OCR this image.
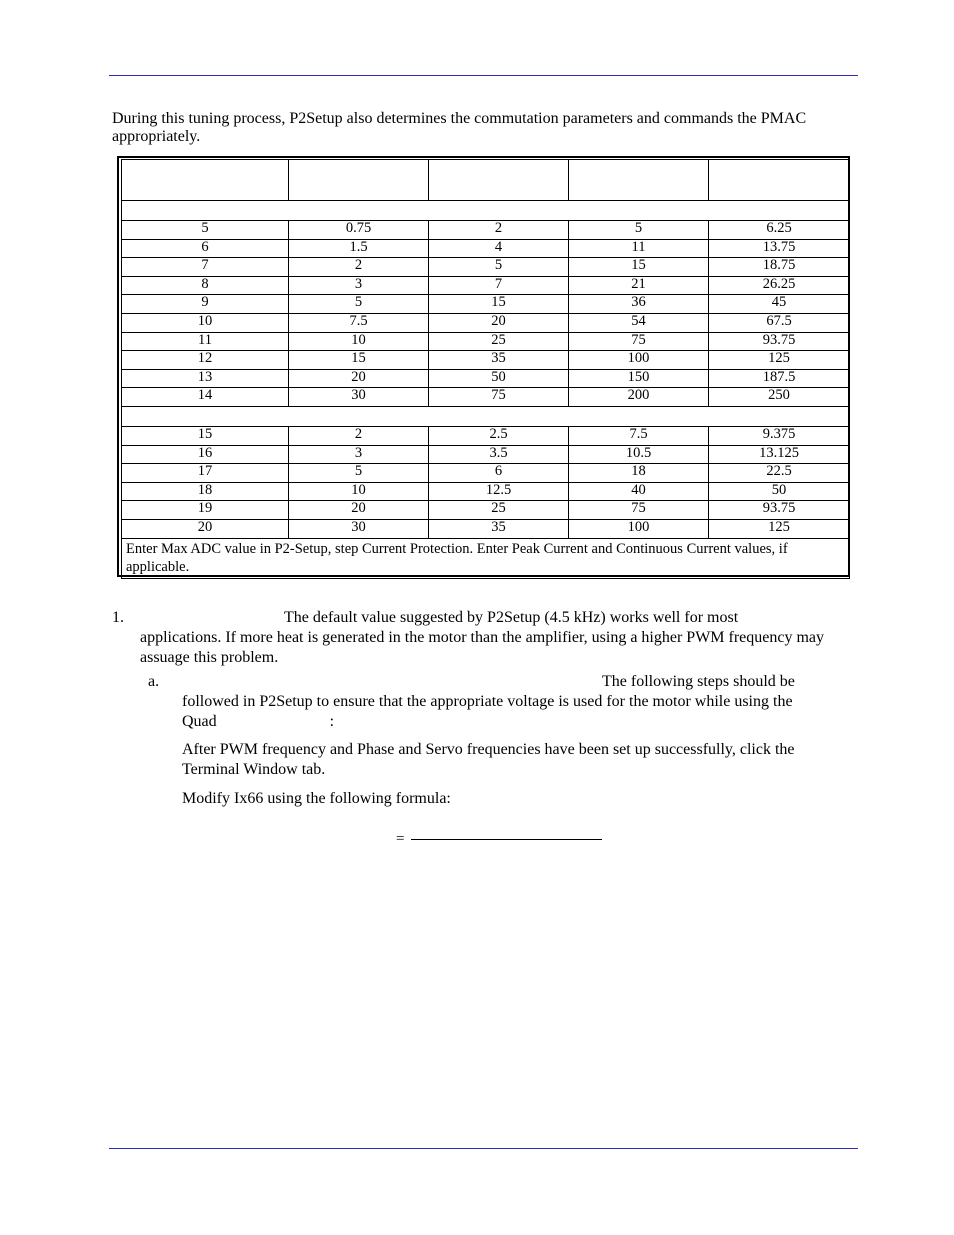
During this tuning process, P2Setup also determines the commutation parameters and commands the PMAC appropriately.

5	0.75	2	5	6.25
6	1.5	4	11	13.75
7	2	5	15	18.75
8	3	7	21	26.25
9	5	15	36	45
10	7.5	20	54	67.5
11	10	25	75	93.75
12	15	35	100	125
13	20	50	150	187.5
14	30	75	200	250

15	2	2.5	7.5	9.375
16	3	3.5	10.5	13.125
17	5	6	18	22.5
18	10	12.5	40	50
19	20	25	75	93.75
20	30	35	100	125
Enter Max ADC value in P2-Setup, step Current Protection. Enter Peak Current and Continuous Current values, if applicable.				
1.	The default value suggested by P2Setup (4.5 kHz) works well for most
applications. If more heat is generated in the motor than the amplifier, using a higher PWM frequency may assuage this problem.
a.	The following steps should be
followed in P2Setup to ensure that the appropriate voltage is used for the motor while using the
Quad	:
After PWM frequency and Phase and Servo frequencies have been set up successfully, click the Terminal Window tab.
Modify Ix66 using the following formula:
=
